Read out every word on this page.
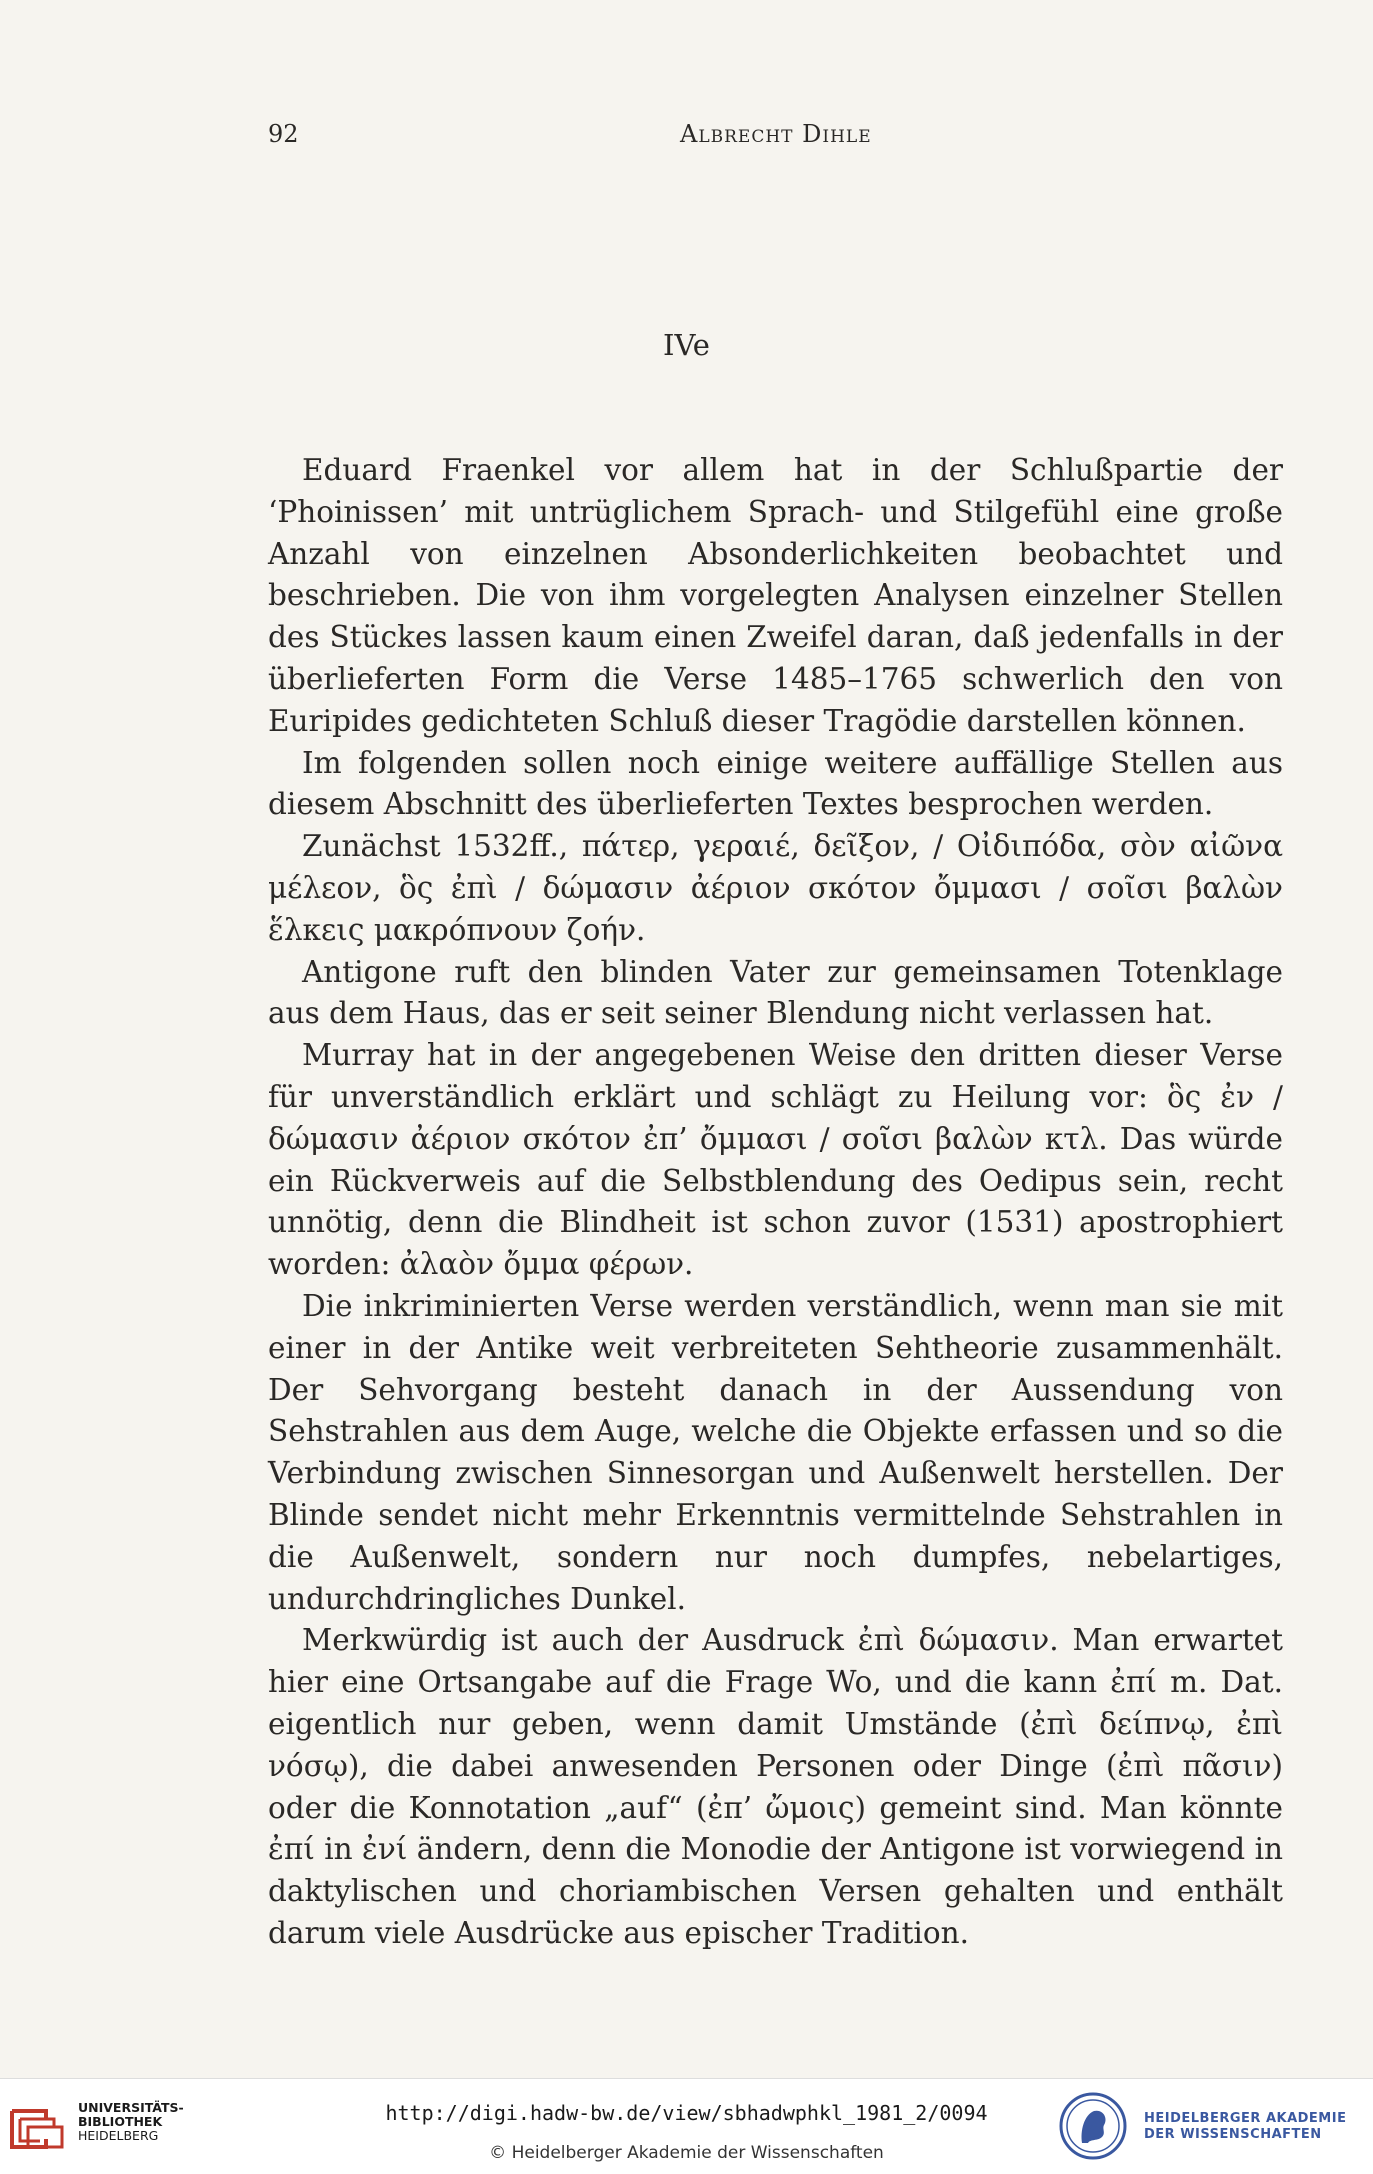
92	Albrecht Dihle
IVe

Eduard Fraenkel vor allem hat in der Schlußpartie der ‘Phoinissen’ mit untrüglichem Sprach- und Stilgefühl eine große Anzahl von einzelnen Absonderlichkeiten beobachtet und beschrieben. Die von ihm vorgelegten Analysen einzelner Stellen des Stückes lassen kaum einen Zweifel daran, daß jedenfalls in der überlieferten Form die Verse 1485–1765 schwerlich den von Euripides gedichteten Schluß dieser Tragödie darstellen können.

Im folgenden sollen noch einige weitere auffällige Stellen aus diesem Abschnitt des überlieferten Textes besprochen werden.

Zunächst 1532ff., πάτερ, γεραιέ, δεῖξον, / Οἰδιπόδα, σὸν αἰῶνα μέλεον, ὃς ἐπὶ / δώμασιν ἀέριον σκότον ὄμμασι / σοῖσι βαλὼν ἕλκεις μακρόπνουν ζοήν.

Antigone ruft den blinden Vater zur gemeinsamen Totenklage aus dem Haus, das er seit seiner Blendung nicht verlassen hat.

Murray hat in der angegebenen Weise den dritten dieser Verse für unverständlich erklärt und schlägt zu Heilung vor: ὃς ἐν / δώμασιν ἀέριον σκότον ἐπ’ ὄμμασι / σοῖσι βαλὼν κτλ. Das würde ein Rückverweis auf die Selbstblendung des Oedipus sein, recht unnötig, denn die Blindheit ist schon zuvor (1531) apostrophiert worden: ἀλαὸν ὄμμα φέρων.

Die inkriminierten Verse werden verständlich, wenn man sie mit einer in der Antike weit verbreiteten Sehtheorie zusammenhält. Der Sehvorgang besteht danach in der Aussendung von Sehstrahlen aus dem Auge, welche die Objekte erfassen und so die Verbindung zwischen Sinnesorgan und Außenwelt herstellen. Der Blinde sendet nicht mehr Erkenntnis vermittelnde Sehstrahlen in die Außenwelt, sondern nur noch dumpfes, nebelartiges, undurchdringliches Dunkel.

Merkwürdig ist auch der Ausdruck ἐπὶ δώμασιν. Man erwartet hier eine Ortsangabe auf die Frage Wo, und die kann ἐπί m. Dat. eigentlich nur geben, wenn damit Umstände (ἐπὶ δείπνῳ, ἐπὶ νόσῳ), die dabei anwesenden Personen oder Dinge (ἐπὶ πᾶσιν) oder die Konnotation „auf“ (ἐπ’ ὤμοις) gemeint sind. Man könnte ἐπί in ἐνί ändern, denn die Monodie der Antigone ist vorwiegend in daktylischen und choriambischen Versen gehalten und enthält darum viele Ausdrücke aus epischer Tradition.

UNIVERSITÄTS-
BIBLIOTHEK
HEIDELBERG
http://digi.hadw-bw.de/view/sbhadwphkl_1981_2/0094
© Heidelberger Akademie der Wissenschaften
HEIDELBERGER AKADEMIE
DER WISSENSCHAFTEN
